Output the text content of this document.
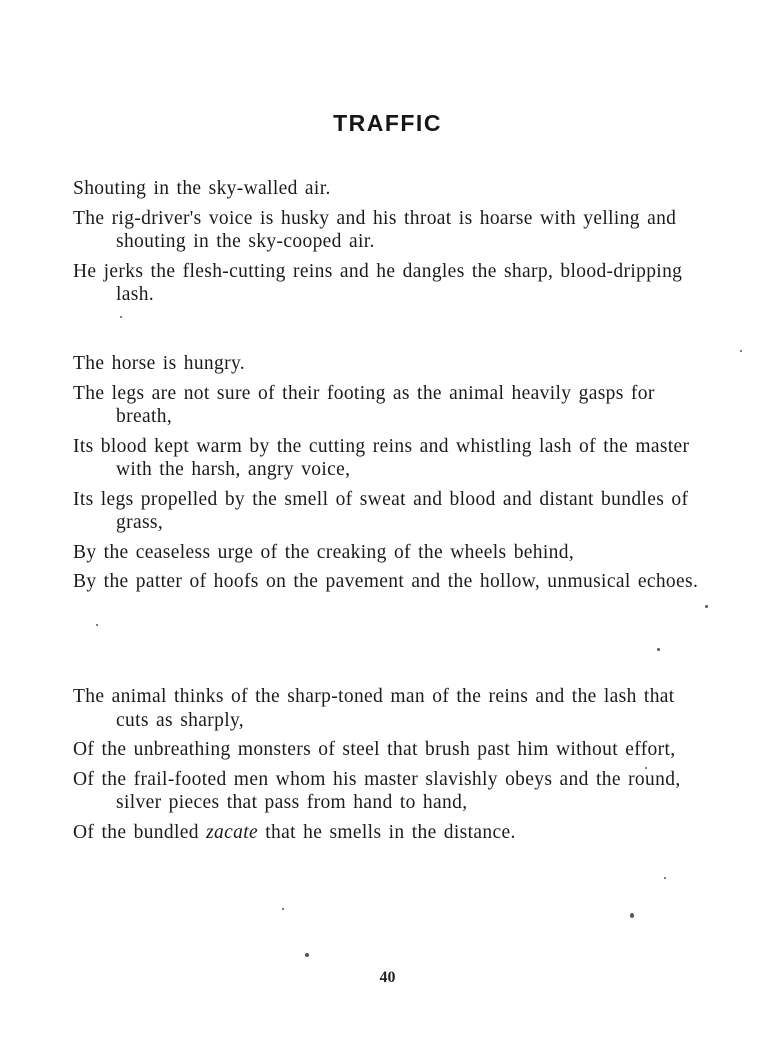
TRAFFIC

Shouting in the sky-walled air.

The rig-driver's voice is husky and his throat is hoarse with yelling and shouting in the sky-cooped air.

He jerks the flesh-cutting reins and he dangles the sharp, blood-dripping lash.

The horse is hungry.

The legs are not sure of their footing as the animal heavily gasps for breath,

Its blood kept warm by the cutting reins and whistling lash of the master with the harsh, angry voice,

Its legs propelled by the smell of sweat and blood and distant bundles of grass,

By the ceaseless urge of the creaking of the wheels behind,

By the patter of hoofs on the pavement and the hollow, unmusical echoes.

The animal thinks of the sharp-toned man of the reins and the lash that cuts as sharply,

Of the unbreathing monsters of steel that brush past him without effort,

Of the frail-footed men whom his master slavishly obeys and the round, silver pieces that pass from hand to hand,

Of the bundled zacate that he smells in the distance.

40
